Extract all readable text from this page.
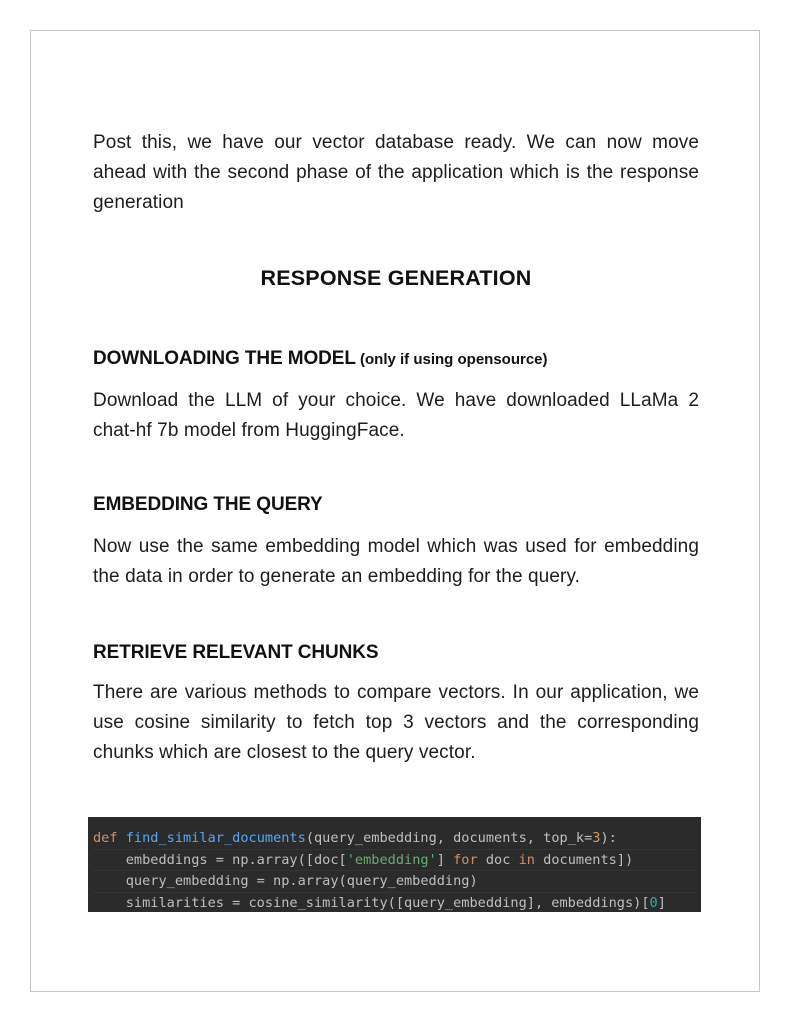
Post this, we have our vector database ready. We can now move ahead with the second phase of the application which is the response generation

RESPONSE GENERATION
DOWNLOADING THE MODEL (only if using opensource)

Download the LLM of your choice. We have downloaded LLaMa 2 chat-hf 7b model from HuggingFace.

EMBEDDING THE QUERY

Now use the same embedding model which was used for embedding the data in order to generate an embedding for the query.

RETRIEVE RELEVANT CHUNKS

There are various methods to compare vectors. In our application, we use cosine similarity to fetch top 3 vectors and the corresponding chunks which are closest to the query vector.

def find_similar_documents(query_embedding, documents, top_k=3):
embeddings = np.array([doc['embedding'] for doc in documents])
query_embedding = np.array(query_embedding)
similarities = cosine_similarity([query_embedding], embeddings)[0]
